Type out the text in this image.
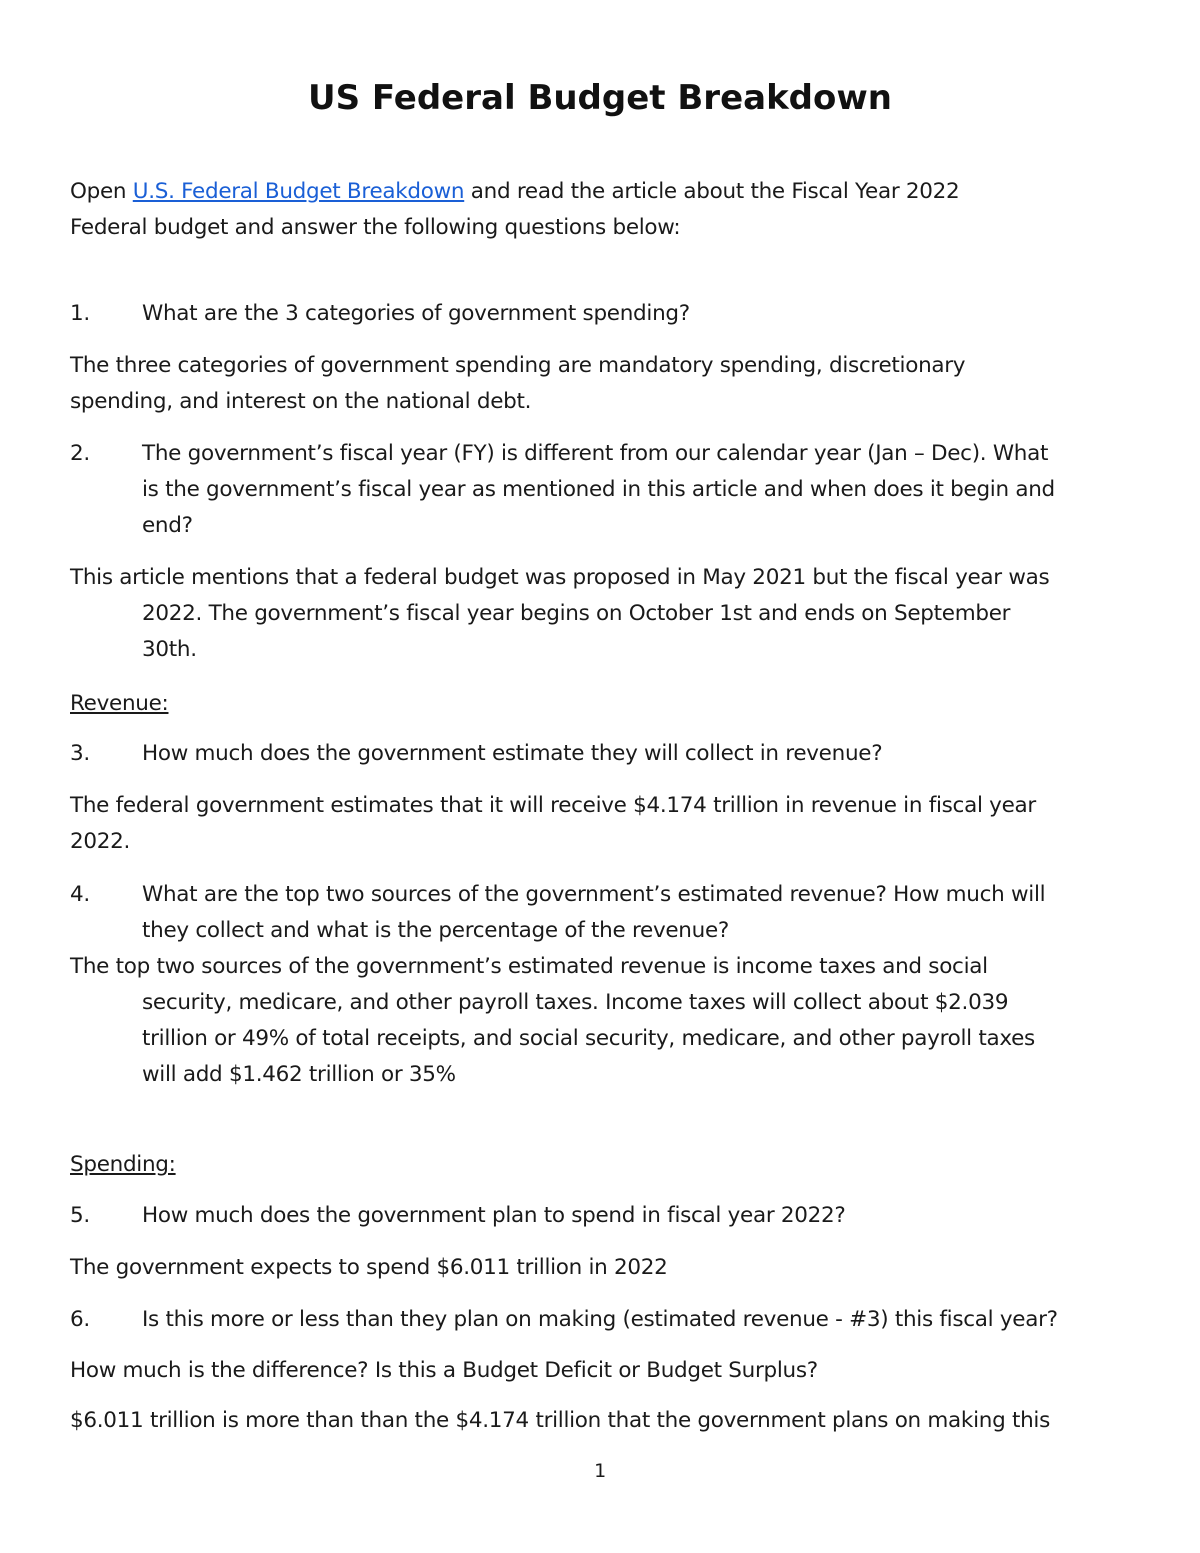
US Federal Budget Breakdown
Open U.S. Federal Budget Breakdown and read the article about the Fiscal Year 2022
Federal budget and answer the following questions below:
1. What are the 3 categories of government spending?
The three categories of government spending are mandatory spending, discretionary
spending, and interest on the national debt.
2. The government’s fiscal year (FY) is different from our calendar year (Jan – Dec). What
is the government’s fiscal year as mentioned in this article and when does it begin and
end?
This article mentions that a federal budget was proposed in May 2021 but the fiscal year was
2022. The government’s fiscal year begins on October 1st and ends on September
30th.
Revenue:
3. How much does the government estimate they will collect in revenue?
The federal government estimates that it will receive $4.174 trillion in revenue in fiscal year
2022.
4. What are the top two sources of the government’s estimated revenue? How much will
they collect and what is the percentage of the revenue?
The top two sources of the government’s estimated revenue is income taxes and social
security, medicare, and other payroll taxes. Income taxes will collect about $2.039
trillion or 49% of total receipts, and social security, medicare, and other payroll taxes
will add $1.462 trillion or 35%
Spending:
5. How much does the government plan to spend in fiscal year 2022?
The government expects to spend $6.011 trillion in 2022
6. Is this more or less than they plan on making (estimated revenue - #3) this fiscal year?
How much is the difference? Is this a Budget Deficit or Budget Surplus?
$6.011 trillion is more than than the $4.174 trillion that the government plans on making this
1
